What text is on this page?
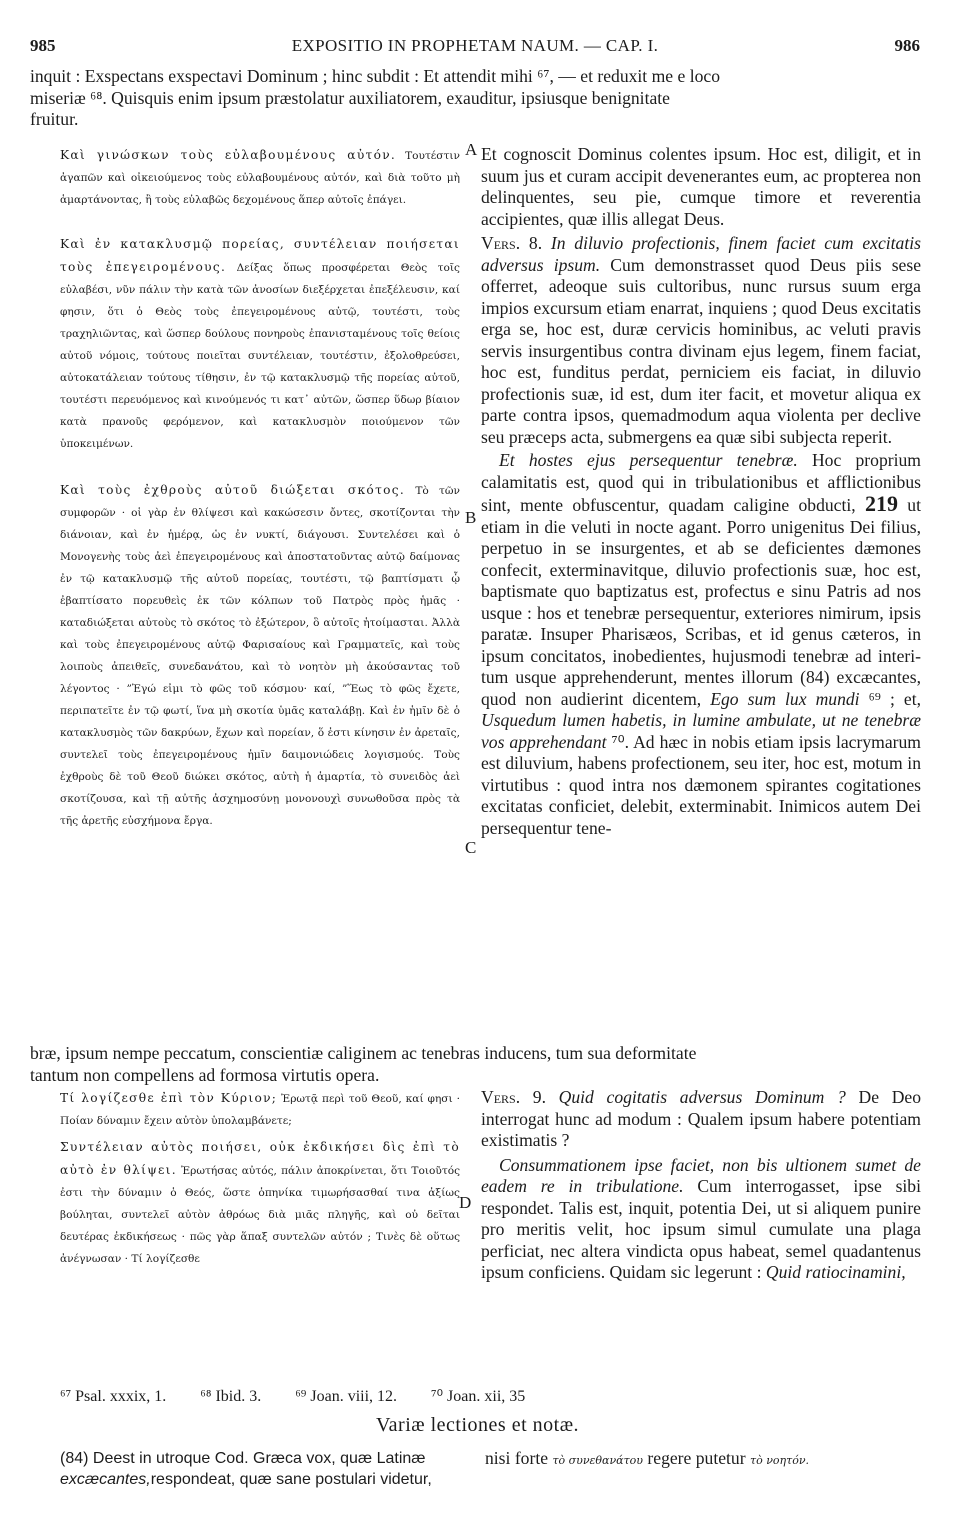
985	EXPOSITIO IN PROPHETAM NAUM. — CAP. I.	986
inquit : Exspectans exspectavi Dominum ; hinc subdit : Et attendit mihi ⁶⁷, — et reduxit me e loco
miseriæ ⁶⁸. Quisquis enim ipsum præstolatur auxiliatorem, exauditur, ipsiusque benignitate
fruitur.

Καὶ γινώσκων τοὺς εὐλαβουμένους αὐτόν. Τουτέστιν ἀγαπῶν καὶ οἰκειούμενος τοὺς εὐλαβουμένους αὐτόν, καὶ διὰ τοῦτο μὴ ἁμαρτάνοντας, ἢ τοὺς εὐλαβῶς δεχομένους ἅπερ αὐτοῖς ἐπάγει.

Καὶ ἐν κατακλυσμῷ πορείας, συντέλειαν ποιήσεται τοὺς ἐπεγειρομένους. Δείξας ὅπως προσφέρεται Θεὸς τοῖς εὐλαβέσι, νῦν πάλιν τὴν κατὰ τῶν ἀνοσίων διεξέρχεται ἐπεξέλευσιν, καί φησιν, ὅτι ὁ Θεὸς τοὺς ἐπεγειρομένους αὐτῷ, τουτέστι, τοὺς τραχηλιῶντας, καὶ ὥσπερ δούλους πονηροὺς ἐπανισταμένους τοῖς θείοις αὐτοῦ νόμοις, τούτους ποιεῖται συντέλειαν, τουτέστιν, ἐξολοθρεύσει, αὐτοκατάλειαν τούτους τίθησιν, ἐν τῷ κατακλυσμῷ τῆς πορείας αὐτοῦ, τουτέστι περευόμενος καὶ κινούμενός τι κατ᾽ αὐτῶν, ὥσπερ ὕδωρ βίαιον κατὰ πρανοῦς φερόμενον, καὶ κατακλυσμὸν ποιούμενον τῶν ὑποκειμένων.

Καὶ τοὺς ἐχθροὺς αὐτοῦ διώξεται σκότος. Τὸ τῶν συμφορῶν · οἱ γὰρ ἐν θλίψεσι καὶ κακώσεσιν ὄντες, σκοτίζονται τὴν διάνοιαν, καὶ ἐν ἡμέρᾳ, ὡς ἐν νυκτί, διάγουσι. Συντελέσει καὶ ὁ Μονογενὴς τοὺς ἀεὶ ἐπεγειρομένους καὶ ἀποστατοῦντας αὐτῷ δαίμονας ἐν τῷ κατακλυσμῷ τῆς αὐτοῦ πορείας, τουτέστι, τῷ βαπτίσματι ᾧ ἐβαπτίσατο πορευθεὶς ἐκ τῶν κόλπων τοῦ Πατρὸς πρὸς ἡμᾶς · καταδιώξεται αὐτοὺς τὸ σκότος τὸ ἐξώτερον, ὃ αὐτοῖς ἡτοίμασται. Ἀλλὰ καὶ τοὺς ἐπεγειρομένους αὐτῷ Φαρισαίους καὶ Γραμματεῖς, καὶ τοὺς λοιποὺς ἀπειθεῖς, συνεδανάτου, καὶ τὸ νοητὸν μὴ ἀκούσαντας τοῦ λέγοντος · ”Ἐγώ εἰμι τὸ φῶς τοῦ κόσμου· καί, ”Ἕως τὸ φῶς ἔχετε, περιπατεῖτε ἐν τῷ φωτί, ἵνα μὴ σκοτία ὑμᾶς καταλάβῃ. Καὶ ἐν ἡμῖν δὲ ὁ κατακλυσμὸς τῶν δακρύων, ἔχων καὶ πορείαν, ὅ ἐστι κίνησιν ἐν ἀρεταῖς, συντελεῖ τοὺς ἐπεγειρομένους ἡμῖν δαιμονιώδεις λογισμούς. Τοὺς ἐχθροὺς δὲ τοῦ Θεοῦ διώκει σκότος, αὐτὴ ἡ ἁμαρτία, τὸ συνειδὸς ἀεὶ σκοτίζουσα, καὶ τῇ αὐτῆς ἀσχημοσύνῃ μονονουχὶ συνωθοῦσα πρὸς τὰ τῆς ἀρετῆς εὐσχήμονα ἔργα.

Et cognoscit Dominus colentes ipsum. Hoc est, diligit, et in suum jus et curam accipit devenerantes eum, ac propterea non delinquentes, seu pie, cumque timore et reverentia accipientes, quæ illis allegat Deus.

Vers. 8. In diluvio profectionis, finem faciet cum excitatis adversus ipsum. Cum demonstrasset quod Deus piis sese offerret, adeoque suis cultoribus, nunc rursus suum erga impios excursum etiam enarrat, inquiens ; quod Deus excitatis erga se, hoc est, duræ cervicis hominibus, ac veluti pravis servis insurgentibus contra divinam ejus legem, finem faciat, hoc est, funditus perdat, perniciem eis faciat, in diluvio profectionis suæ, id est, dum iter facit, et movetur aliqua ex parte contra ipsos, quemadmodum aqua violenta per declive seu præceps acta, submergens ea quæ sibi subjecta reperit.

Et hostes ejus persequentur tenebræ. Hoc proprium calamitatis est, quod qui in tribulationibus et afflictionibus sint, mente obfuscentur, quadam caligine obducti, 219 ut etiam in die veluti in nocte agant. Porro unigenitus Dei filius, perpetuo in se insurgentes, et ab se deficientes dæmones confecit, exterminavitque, diluvio profectionis suæ, hoc est, baptismate quo baptizatus est, profectus e sinu Patris ad nos usque : hos et tenebræ persequentur, exteriores nimirum, ipsis paratæ. Insuper Pharisæos, Scribas, et id genus cæteros, in ipsum concitatos, inobedientes, hujusmodi tenebræ ad interitum usque apprehenderunt, mentes illorum (84) excæcantes, quod non audierint dicentem, Ego sum lux mundi ⁶⁹ ; et, Usquedum lumen habetis, in lumine ambulate, ut ne tenebræ vos apprehendant ⁷⁰. Ad hæc in nobis etiam ipsis lacrymarum est diluvium, habens profectionem, seu iter, hoc est, motum in virtutibus : quod intra nos dæmonem spirantes cogitationes excitatas conficiet, delebit, exterminabit. Inimicos autem Dei persequentur tene-

A
B
C
D
bræ, ipsum nempe peccatum, conscientiæ caliginem ac tenebras inducens, tum sua deformitate
tantum non compellens ad formosa virtutis opera.

Τί λογίζεσθε ἐπὶ τὸν Κύριον; Ἐρωτᾷ περὶ τοῦ Θεοῦ, καί φησι · Ποίαν δύναμιν ἔχειν αὐτὸν ὑπολαμβάνετε;

Συντέλειαν αὐτὸς ποιήσει, οὐκ ἐκδικήσει δὶς ἐπὶ τὸ αὐτὸ ἐν θλίψει. Ἐρωτήσας αὐτός, πάλιν ἀποκρίνεται, ὅτι Τοιοῦτός ἐστι τὴν δύναμιν ὁ Θεός, ὥστε ὁπηνίκα τιμωρήσασθαί τινα ἀξίως βούληται, συντελεῖ αὐτὸν ἀθρόως διὰ μιᾶς πληγῆς, καὶ οὐ δεῖται δευτέρας ἐκδικήσεως · πῶς γὰρ ἅπαξ συντελῶν αὐτόν ; Τινὲς δὲ οὕτως ἀνέγνωσαν · Τί λογίζεσθε

Vers. 9. Quid cogitatis adversus Dominum ? De Deo interrogat hunc ad modum : Qualem ipsum habere potentiam existimatis ?

Consummationem ipse faciet, non bis ultionem sumet de eadem re in tribulatione. Cum interrogasset, ipse sibi respondet. Talis est, inquit, potentia Dei, ut si aliquem punire pro meritis velit, hoc ipsum simul cumulate una plaga perficiat, nec altera vindicta opus habeat, semel quadantenus ipsum conficiens. Quidam sic legerunt : Quid ratiocinamini,

⁶⁷ Psal. xxxix, 1. ⁶⁸ Ibid. 3. ⁶⁹ Joan. viii, 12. ⁷⁰ Joan. xii, 35
Variæ lectiones et notæ.
(84) Deest in utroque Cod. Græca vox, quæ Latinæ excæcantes,respondeat, quæ sane postulari videtur,
nisi forte τὸ συνεθανάτου regere putetur τὸ νοητόν.
